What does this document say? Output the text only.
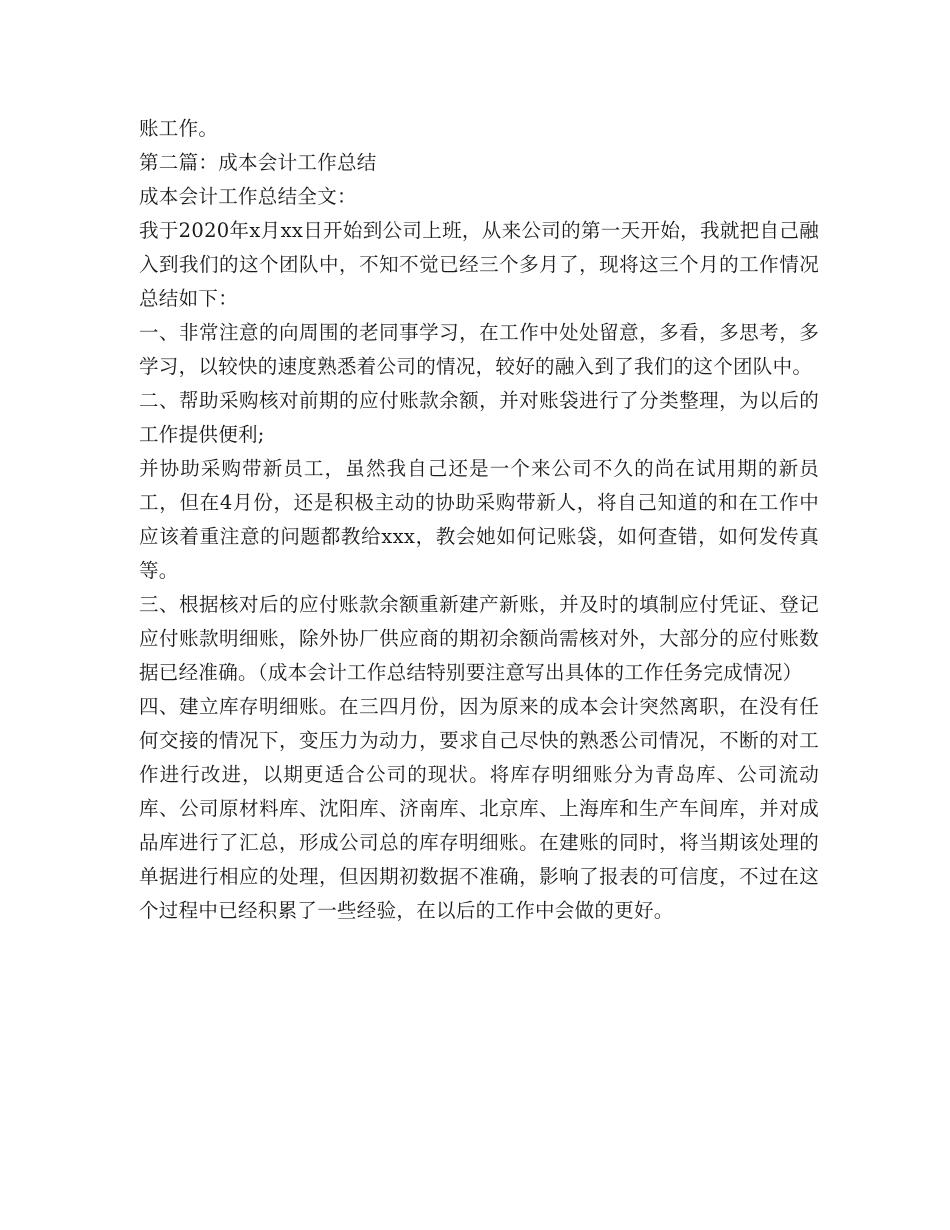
账工作。

第二篇：成本会计工作总结

成本会计工作总结全文：

我于2020年x月xx日开始到公司上班，从来公司的第一天开始，我就把自己融入到我们的这个团队中，不知不觉已经三个多月了，现将这三个月的工作情况总结如下：

一、非常注意的向周围的老同事学习，在工作中处处留意，多看，多思考，多学习，以较快的速度熟悉着公司的情况，较好的融入到了我们的这个团队中。

二、帮助采购核对前期的应付账款余额，并对账袋进行了分类整理，为以后的工作提供便利;

并协助采购带新员工，虽然我自己还是一个来公司不久的尚在试用期的新员工，但在4月份，还是积极主动的协助采购带新人，将自己知道的和在工作中应该着重注意的问题都教给xxx，教会她如何记账袋，如何查错，如何发传真等。

三、根据核对后的应付账款余额重新建产新账，并及时的填制应付凭证、登记应付账款明细账，除外协厂供应商的期初余额尚需核对外，大部分的应付账数据已经准确。（成本会计工作总结特别要注意写出具体的工作任务完成情况）

四、建立库存明细账。在三四月份，因为原来的成本会计突然离职，在没有任何交接的情况下，变压力为动力，要求自己尽快的熟悉公司情况，不断的对工作进行改进，以期更适合公司的现状。将库存明细账分为青岛库、公司流动库、公司原材料库、沈阳库、济南库、北京库、上海库和生产车间库，并对成品库进行了汇总，形成公司总的库存明细账。在建账的同时，将当期该处理的单据进行相应的处理，但因期初数据不准确，影响了报表的可信度，不过在这个过程中已经积累了一些经验，在以后的工作中会做的更好。
